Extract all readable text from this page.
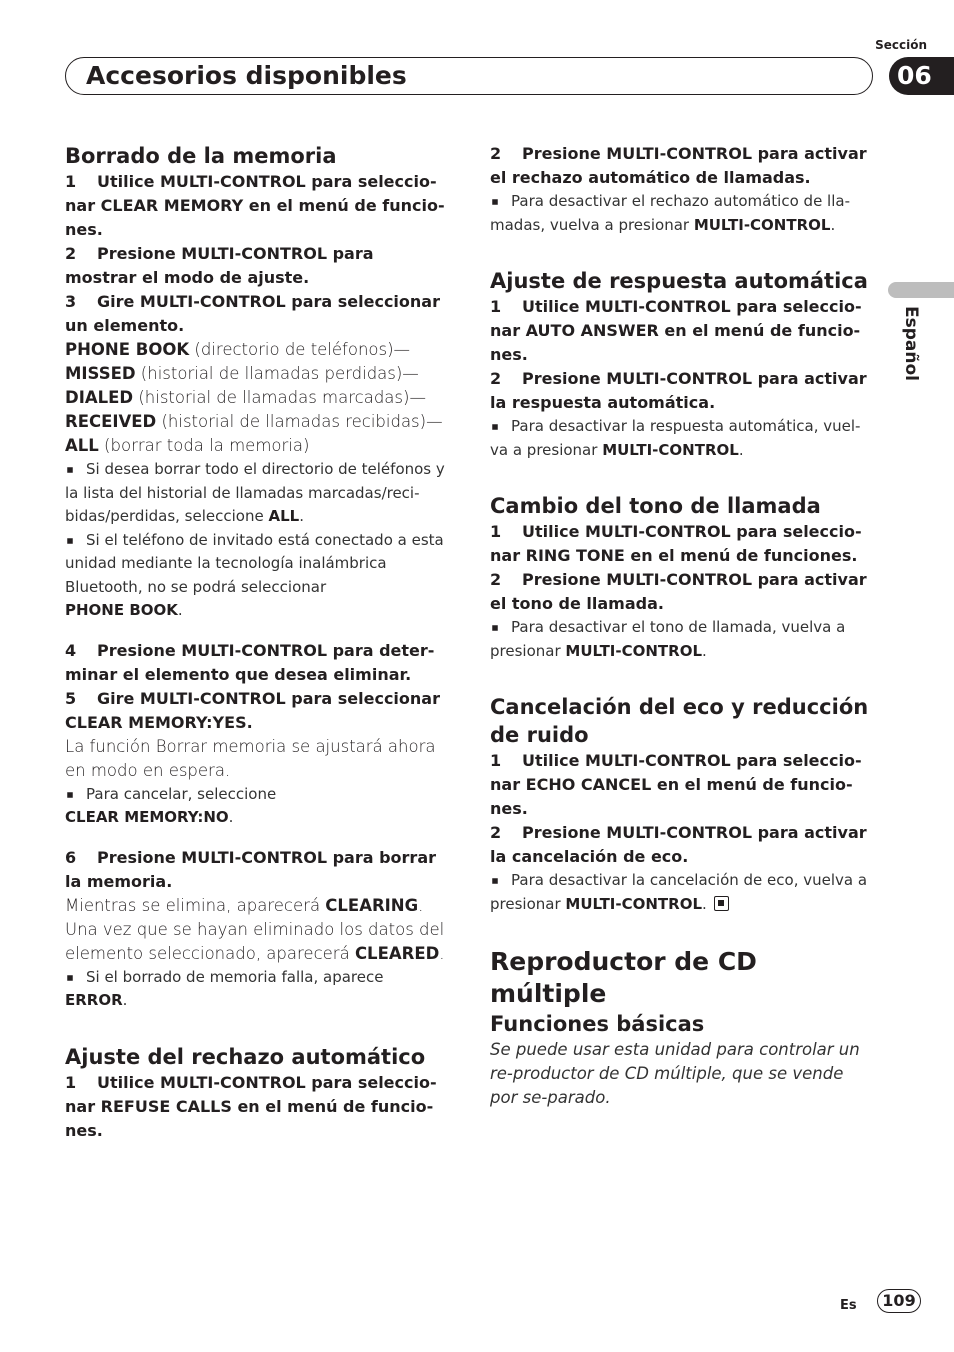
Sección
Accesorios disponibles	06
Español

Borrado de la memoria

1 Utilice MULTI-CONTROL para seleccio-nar CLEAR MEMORY en el menú de funcio-nes.

2 Presione MULTI-CONTROL para mostrar el modo de ajuste.

3 Gire MULTI-CONTROL para seleccionar un elemento.

PHONE BOOK (directorio de teléfonos)—

MISSED (historial de llamadas perdidas)—

DIALED (historial de llamadas marcadas)—

RECEIVED (historial de llamadas recibidas)—

ALL (borrar toda la memoria)

Si desea borrar todo el directorio de teléfonos y la lista del historial de llamadas marcadas/reci-bidas/perdidas, seleccione ALL.

Si el teléfono de invitado está conectado a esta unidad mediante la tecnología inalámbrica Bluetooth, no se podrá seleccionar
PHONE BOOK.

4 Presione MULTI-CONTROL para deter-minar el elemento que desea eliminar.

5 Gire MULTI-CONTROL para seleccionar CLEAR MEMORY:YES.

La función Borrar memoria se ajustará ahora en modo en espera.

Para cancelar, seleccione
CLEAR MEMORY:NO.

6 Presione MULTI-CONTROL para borrar la memoria.

Mientras se elimina, aparecerá CLEARING. Una vez que se hayan eliminado los datos del elemento seleccionado, aparecerá CLEARED.

Si el borrado de memoria falla, aparece
ERROR.

Ajuste del rechazo automático

1 Utilice MULTI-CONTROL para seleccio-nar REFUSE CALLS en el menú de funcio-nes.

2 Presione MULTI-CONTROL para activar el rechazo automático de llamadas.

Para desactivar el rechazo automático de lla-madas, vuelva a presionar MULTI-CONTROL.

Ajuste de respuesta automática

1 Utilice MULTI-CONTROL para seleccio-nar AUTO ANSWER en el menú de funcio-nes.

2 Presione MULTI-CONTROL para activar la respuesta automática.

Para desactivar la respuesta automática, vuel-va a presionar MULTI-CONTROL.

Cambio del tono de llamada

1 Utilice MULTI-CONTROL para seleccio-nar RING TONE en el menú de funciones.

2 Presione MULTI-CONTROL para activar el tono de llamada.

Para desactivar el tono de llamada, vuelva a presionar MULTI-CONTROL.

Cancelación del eco y reducción de ruido

1 Utilice MULTI-CONTROL para seleccio-nar ECHO CANCEL en el menú de funcio-nes.

2 Presione MULTI-CONTROL para activar la cancelación de eco.

Para desactivar la cancelación de eco, vuelva a presionar MULTI-CONTROL.

Reproductor de CD múltiple

Funciones básicas

Se puede usar esta unidad para controlar un re-productor de CD múltiple, que se vende por se-parado.

Es	109
